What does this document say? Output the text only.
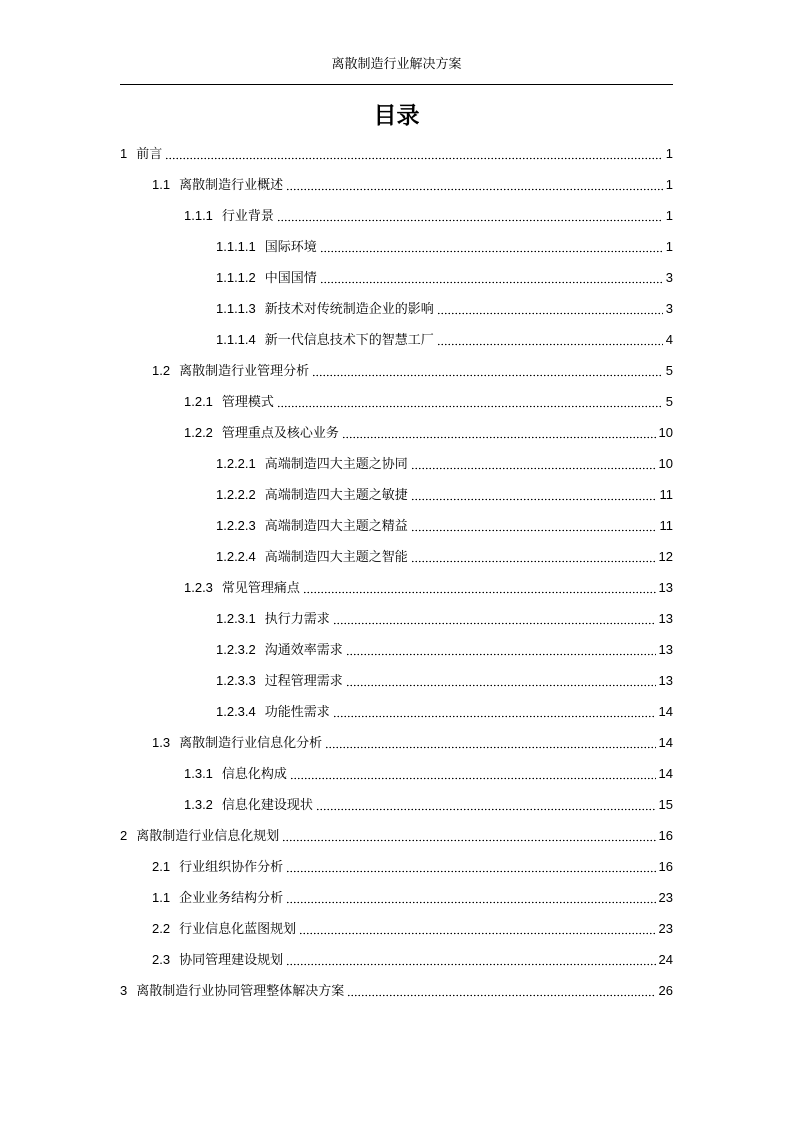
离散制造行业解决方案
目录
1 前言	1
1.1 离散制造行业概述	1
1.1.1 行业背景	1
1.1.1.1 国际环境	1
1.1.1.2 中国国情	3
1.1.1.3 新技术对传统制造企业的影响	3
1.1.1.4 新一代信息技术下的智慧工厂	4
1.2 离散制造行业管理分析	5
1.2.1 管理模式	5
1.2.2 管理重点及核心业务	10
1.2.2.1 高端制造四大主题之协同	10
1.2.2.2 高端制造四大主题之敏捷	11
1.2.2.3 高端制造四大主题之精益	11
1.2.2.4 高端制造四大主题之智能	12
1.2.3 常见管理痛点	13
1.2.3.1 执行力需求	13
1.2.3.2 沟通效率需求	13
1.2.3.3 过程管理需求	13
1.2.3.4 功能性需求	14
1.3 离散制造行业信息化分析	14
1.3.1 信息化构成	14
1.3.2 信息化建设现状	15
2 离散制造行业信息化规划	16
2.1 行业组织协作分析	16
1.1 企业业务结构分析	23
2.2 行业信息化蓝图规划	23
2.3 协同管理建设规划	24
3 离散制造行业协同管理整体解决方案	26
